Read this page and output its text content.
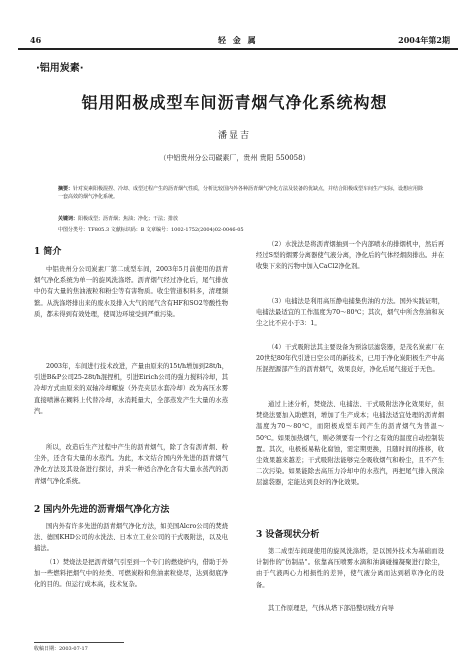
46	轻 金 属	2004年第2期
·铝用炭素·
铝用阳极成型车间沥青烟气净化系统构想
潘显吉
（中铝贵州分公司碳素厂，贵州 贵阳 550058）
摘要：针对炭素阳极混捏、冷却、成型过程产生的沥青烟气性质，分析比较国内外各种沥青烟气净化方法及装备的优缺点，并结合阳极成型车间生产实际，设想应用除一套高效的烟气净化系统。
关键词：阳极成型；沥青烟；焦油；净化；干法；排放
中图分类号：TF805.3 文献标识码：B 文章编号：1002-1752(2004)02-0046-05
1 简介
中铝贵州分公司炭素厂第二成型车间，2003年5月前使用的沥青烟气净化系统为单一的旋风洗涤塔。沥青烟气经过净化后，尾气排放中仍有大量的焦油液粒和粉尘等有害物质。收尘管道积料多，清理频繁。从洗涤塔排出来的废水及排入大气的尾气含有HF和SO2等酸性物质，都未得到有效处理，使周边环境受到严重污染。
2003年，车间进行技术改进，产量由原来的15t/h增加到28t/h，引进B&P公司25-28t/h混捏机，引进Eirich公司的强力搅料冷却，其冷却方式由原来的双轴冷却螺旋（外壳夹层水套冷却）改为高压水雾直接喷淋在糊料上代替冷却，水消耗量大，全部蒸发产生大量的水蒸汽。
所以，改造后生产过程中产生的沥青烟气，除了含有沥青烟、粉尘外，还含有大量的水蒸汽。为此，本文结合国内外先进的沥青烟气净化方法及其设备进行探讨，并采一种适合净化含有大量水蒸汽的沥青烟气净化系统。
2 国内外先进的沥青烟气净化方法
国内外有许多先进的沥青烟气净化方法，如美国Alcro公司的焚烧法、德国KHD公司的水洗法、日本立工业公司的干式吸附法，以及电捕法。
（1）焚烧法是把沥青烟气引至到一个专门的燃烧炉内，借助于外加一些燃料把烟气中的烃类、可燃炭粉和焦油素粒烧尽，达到彻底净化的目的。但运行成本高，技术复杂。
（2）水洗法是将沥青烟抽到一个内部喷水的排烟机中，然后再经过S型的烟雾分离器使气液分离，净化后的气体经烟囱排出。并在收集下来的污物中加入CaCl2净化剂。
（3）电捕法是利用高压静电捕集焦油的方法。国外实践证明，电捕法最适宜的工作温度为70～80℃；其次，烟气中所含焦油和灰尘之比不应小于3：1。
（4）干式吸附法其主要设备为预涂层滤袋器，是茂名炭素厂在20世纪80年代引进日空公司的新技术，已用于净化炭阳极生产中高压混捏源部产生的沥青烟气，效果良好，净化后尾气接近于无色。
通过上述分析，焚烧法、电捕法、干式吸附法净化效果好，但焚烧法要加入助燃剂，增加了生产成本；电捕法适宜处理的沥青烟温度为70～80℃，而阳极成型车间产生的沥青烟气为普温～50℃。如果加热烟气，则必须要有一个行之有效的温度自动控制装置。其次，电极板易粘化腐蚀，需定期更换，且随时间的推移，收尘效果越来越差；干式吸附法能够完全吸收烟气和粉尘，且不产生二次污染。如果能除去高压力冷却中的水蒸汽，再把尾气排入预涂层滤袋器，定能达到良好的净化效果。
3 设备现状分析
第二成型车间现使用的旋风洗涤塔，是以国外技术为基础而设计制作的"仿制品"。依靠高压喷雾水滴和油滴碰撞凝聚进行除尘，由于气液两心力相损性的差异，使气液分离而达到稻草净化的设备。
其工作原理是，气体从塔下部沿整切线方向导
收稿日期：2003-07-17
